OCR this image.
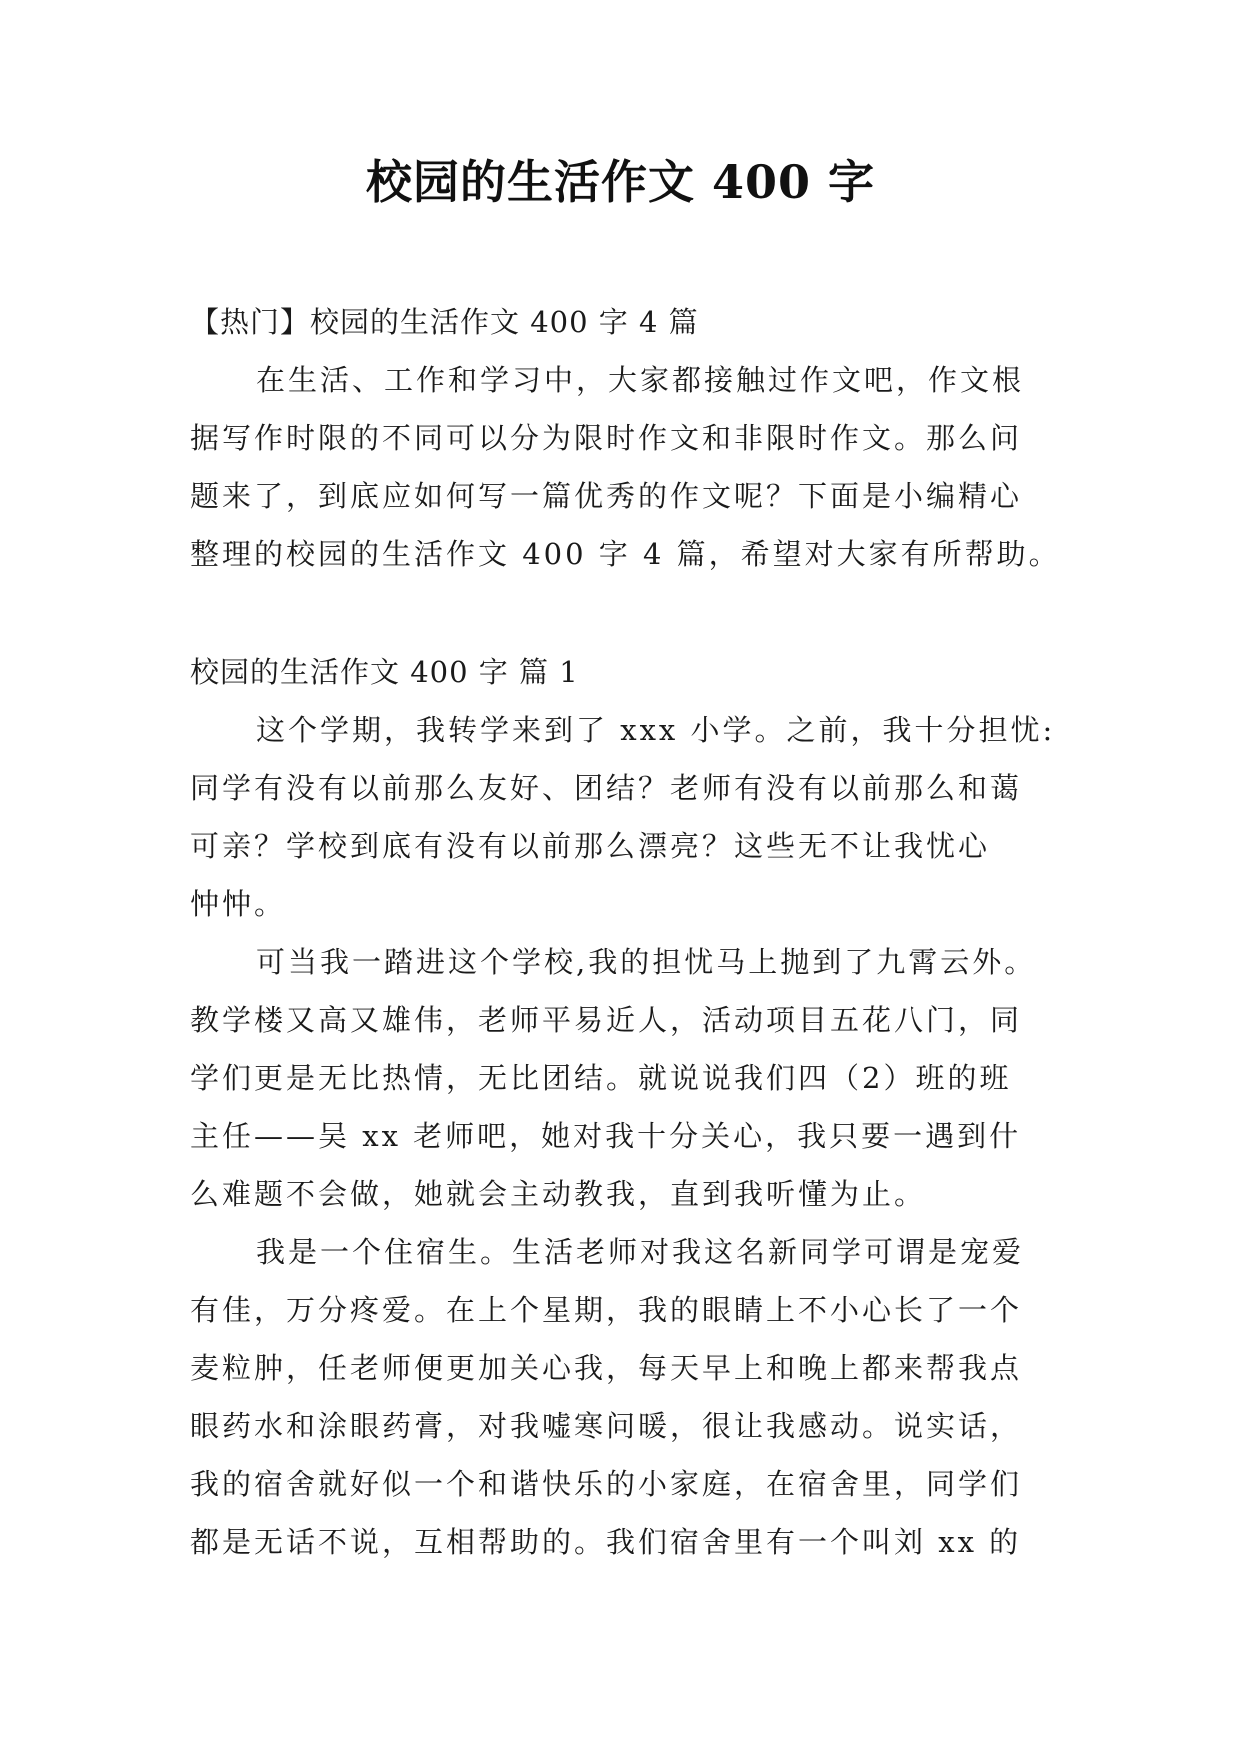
校园的生活作文 400 字
【热门】校园的生活作文 400 字 4 篇
在生活、工作和学习中，大家都接触过作文吧，作文根
据写作时限的不同可以分为限时作文和非限时作文。那么问
题来了，到底应如何写一篇优秀的作文呢？下面是小编精心
整理的校园的生活作文 400 字 4 篇，希望对大家有所帮助。
校园的生活作文 400 字 篇 1
这个学期，我转学来到了 xxx 小学。之前，我十分担忧:
同学有没有以前那么友好、团结？老师有没有以前那么和蔼
可亲？学校到底有没有以前那么漂亮？这些无不让我忧心
忡忡。
可当我一踏进这个学校,我的担忧马上抛到了九霄云外。
教学楼又高又雄伟，老师平易近人，活动项目五花八门，同
学们更是无比热情，无比团结。就说说我们四（2）班的班
主任——吴 xx 老师吧，她对我十分关心，我只要一遇到什
么难题不会做，她就会主动教我，直到我听懂为止。
我是一个住宿生。生活老师对我这名新同学可谓是宠爱
有佳，万分疼爱。在上个星期，我的眼睛上不小心长了一个
麦粒肿，任老师便更加关心我，每天早上和晚上都来帮我点
眼药水和涂眼药膏，对我嘘寒问暖，很让我感动。说实话，
我的宿舍就好似一个和谐快乐的小家庭，在宿舍里，同学们
都是无话不说，互相帮助的。我们宿舍里有一个叫刘 xx 的
